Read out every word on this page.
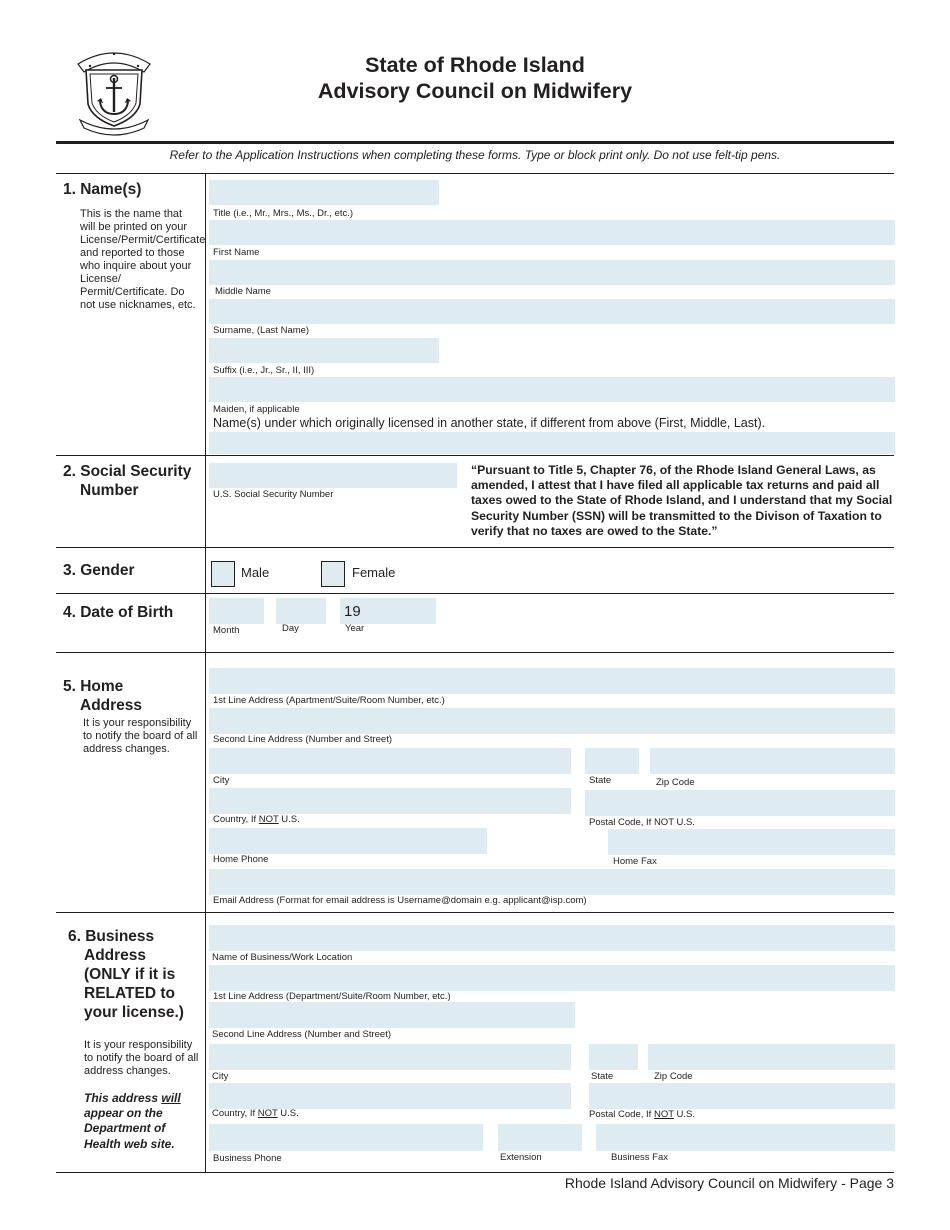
State of Rhode Island
Advisory Council on Midwifery
Refer to the Application Instructions when completing these forms. Type or block print only. Do not use felt-tip pens.
1. Name(s)
This is the name that will be printed on your License/Permit/Certificate and reported to those who inquire about your License/ Permit/Certificate. Do not use nicknames, etc.
Title (i.e., Mr., Mrs., Ms., Dr., etc.)
First Name
Middle Name
Surname, (Last Name)
Suffix (i.e., Jr., Sr., II, III)
Maiden, if applicable
Name(s) under which originally licensed in another state, if different from above (First, Middle, Last).
2. Social Security
Number	U.S. Social Security Number
“Pursuant to Title 5, Chapter 76, of the Rhode Island General Laws, as amended, I attest that I have filed all applicable tax returns and paid all taxes owed to the State of Rhode Island, and I understand that my Social Security Number (SSN) will be transmitted to the Divison of Taxation to verify that no taxes are owed to the State.”
3. Gender	Male	Female
4. Date of Birth	19
Month	Day	Year
5. Home
Address
It is your responsibility to notify the board of all address changes.
1st Line Address (Apartment/Suite/Room Number, etc.)
Second Line Address (Number and Street)
City	State	Zip Code
Country, If NOT U.S.	Postal Code, If NOT U.S.
Home Phone	Home Fax
Email Address (Format for email address is Username@domain e.g. applicant@isp.com)
6. Business
Address
(ONLY if it is
RELATED to
your license.)
It is your responsibility to notify the board of all address changes.
This address will appear on the Department of Health web site.
Name of Business/Work Location
1st Line Address (Department/Suite/Room Number, etc.)
Second Line Address (Number and Street)
City	State	Zip Code
Country, If NOT U.S.	Postal Code, If NOT U.S.
Business Phone	Extension	Business Fax
Rhode Island Advisory Council on Midwifery - Page 3
